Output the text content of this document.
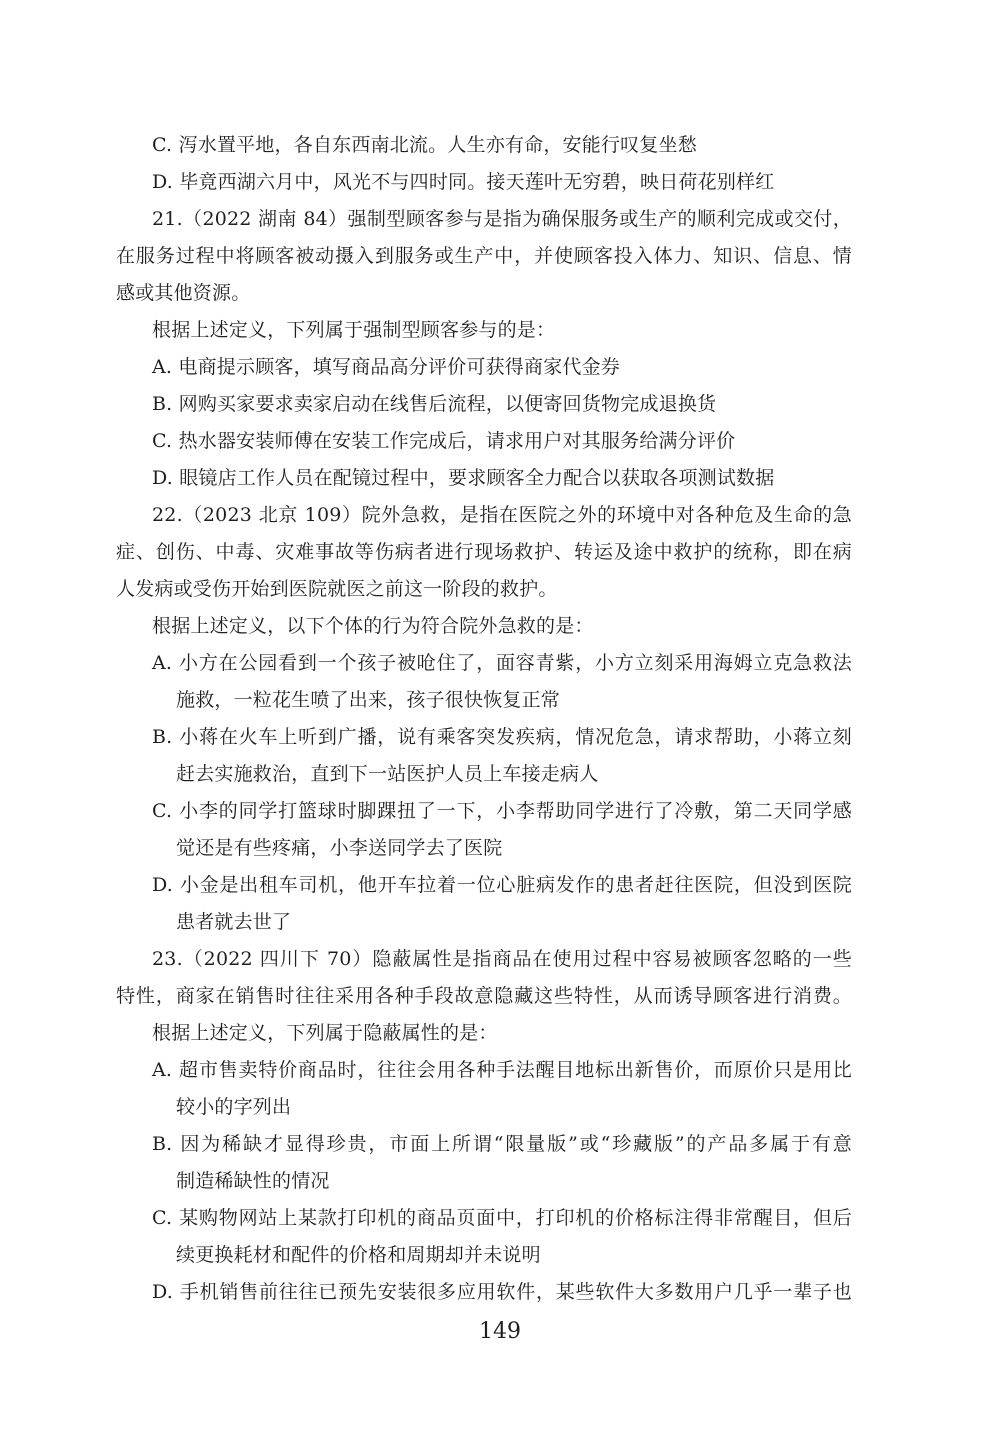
C. 泻水置平地，各自东西南北流。人生亦有命，安能行叹复坐愁
D. 毕竟西湖六月中，风光不与四时同。接天莲叶无穷碧，映日荷花别样红
21.（2022 湖南 84）强制型顾客参与是指为确保服务或生产的顺利完成或交付，
在服务过程中将顾客被动摄入到服务或生产中，并使顾客投入体力、知识、信息、情
感或其他资源。
根据上述定义，下列属于强制型顾客参与的是：
A. 电商提示顾客，填写商品高分评价可获得商家代金券
B. 网购买家要求卖家启动在线售后流程，以便寄回货物完成退换货
C. 热水器安装师傅在安装工作完成后，请求用户对其服务给满分评价
D. 眼镜店工作人员在配镜过程中，要求顾客全力配合以获取各项测试数据
22.（2023 北京 109）院外急救，是指在医院之外的环境中对各种危及生命的急
症、创伤、中毒、灾难事故等伤病者进行现场救护、转运及途中救护的统称，即在病
人发病或受伤开始到医院就医之前这一阶段的救护。
根据上述定义，以下个体的行为符合院外急救的是：
A. 小方在公园看到一个孩子被呛住了，面容青紫，小方立刻采用海姆立克急救法
施救，一粒花生喷了出来，孩子很快恢复正常
B. 小蒋在火车上听到广播，说有乘客突发疾病，情况危急，请求帮助，小蒋立刻
赶去实施救治，直到下一站医护人员上车接走病人
C. 小李的同学打篮球时脚踝扭了一下，小李帮助同学进行了冷敷，第二天同学感
觉还是有些疼痛，小李送同学去了医院
D. 小金是出租车司机，他开车拉着一位心脏病发作的患者赶往医院，但没到医院
患者就去世了
23.（2022 四川下 70）隐蔽属性是指商品在使用过程中容易被顾客忽略的一些
特性，商家在销售时往往采用各种手段故意隐藏这些特性，从而诱导顾客进行消费。
根据上述定义，下列属于隐蔽属性的是：
A. 超市售卖特价商品时，往往会用各种手法醒目地标出新售价，而原价只是用比
较小的字列出
B. 因为稀缺才显得珍贵，市面上所谓“限量版”或“珍藏版”的产品多属于有意
制造稀缺性的情况
C. 某购物网站上某款打印机的商品页面中，打印机的价格标注得非常醒目，但后
续更换耗材和配件的价格和周期却并未说明
D. 手机销售前往往已预先安装很多应用软件，某些软件大多数用户几乎一辈子也
149
